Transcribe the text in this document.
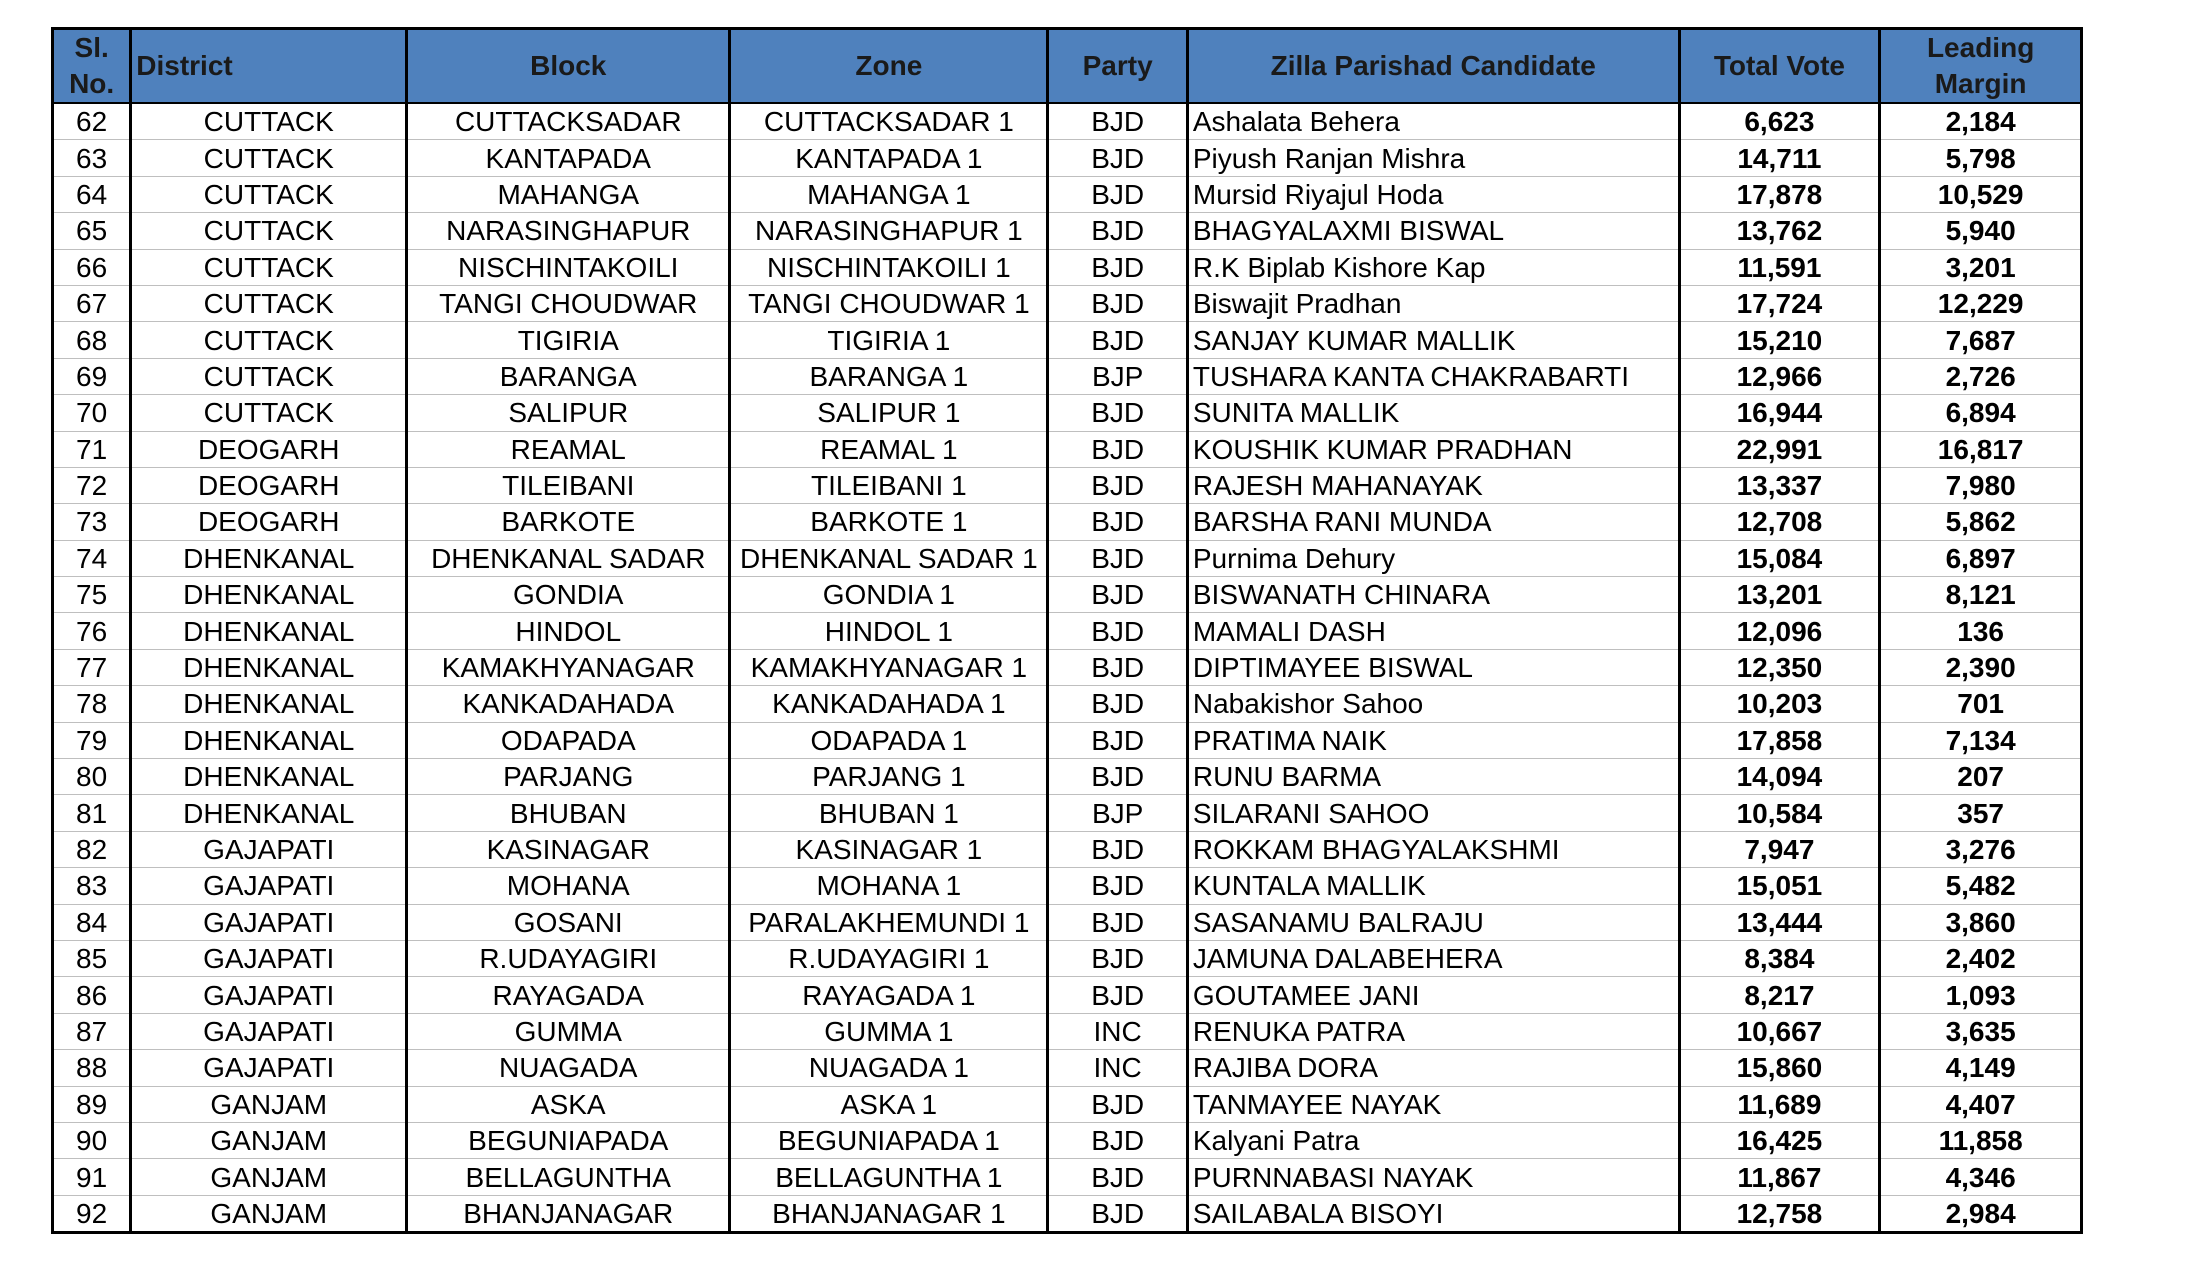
Sl. No.	District	Block	Zone	Party	Zilla Parishad Candidate	Total Vote	Leading Margin
62	CUTTACK	CUTTACKSADAR	CUTTACKSADAR 1	BJD	Ashalata Behera	6,623	2,184
63	CUTTACK	KANTAPADA	KANTAPADA 1	BJD	Piyush Ranjan Mishra	14,711	5,798
64	CUTTACK	MAHANGA	MAHANGA 1	BJD	Mursid Riyajul Hoda	17,878	10,529
65	CUTTACK	NARASINGHAPUR	NARASINGHAPUR 1	BJD	BHAGYALAXMI BISWAL	13,762	5,940
66	CUTTACK	NISCHINTAKOILI	NISCHINTAKOILI 1	BJD	R.K Biplab Kishore Kap	11,591	3,201
67	CUTTACK	TANGI CHOUDWAR	TANGI CHOUDWAR 1	BJD	Biswajit Pradhan	17,724	12,229
68	CUTTACK	TIGIRIA	TIGIRIA 1	BJD	SANJAY KUMAR MALLIK	15,210	7,687
69	CUTTACK	BARANGA	BARANGA 1	BJP	TUSHARA KANTA CHAKRABARTI	12,966	2,726
70	CUTTACK	SALIPUR	SALIPUR 1	BJD	SUNITA MALLIK	16,944	6,894
71	DEOGARH	REAMAL	REAMAL 1	BJD	KOUSHIK KUMAR PRADHAN	22,991	16,817
72	DEOGARH	TILEIBANI	TILEIBANI 1	BJD	RAJESH MAHANAYAK	13,337	7,980
73	DEOGARH	BARKOTE	BARKOTE 1	BJD	BARSHA RANI MUNDA	12,708	5,862
74	DHENKANAL	DHENKANAL SADAR	DHENKANAL SADAR 1	BJD	Purnima Dehury	15,084	6,897
75	DHENKANAL	GONDIA	GONDIA 1	BJD	BISWANATH CHINARA	13,201	8,121
76	DHENKANAL	HINDOL	HINDOL 1	BJD	MAMALI DASH	12,096	136
77	DHENKANAL	KAMAKHYANAGAR	KAMAKHYANAGAR 1	BJD	DIPTIMAYEE BISWAL	12,350	2,390
78	DHENKANAL	KANKADAHADA	KANKADAHADA 1	BJD	Nabakishor Sahoo	10,203	701
79	DHENKANAL	ODAPADA	ODAPADA 1	BJD	PRATIMA NAIK	17,858	7,134
80	DHENKANAL	PARJANG	PARJANG 1	BJD	RUNU BARMA	14,094	207
81	DHENKANAL	BHUBAN	BHUBAN 1	BJP	SILARANI SAHOO	10,584	357
82	GAJAPATI	KASINAGAR	KASINAGAR 1	BJD	ROKKAM BHAGYALAKSHMI	7,947	3,276
83	GAJAPATI	MOHANA	MOHANA 1	BJD	KUNTALA MALLIK	15,051	5,482
84	GAJAPATI	GOSANI	PARALAKHEMUNDI 1	BJD	SASANAMU BALRAJU	13,444	3,860
85	GAJAPATI	R.UDAYAGIRI	R.UDAYAGIRI 1	BJD	JAMUNA DALABEHERA	8,384	2,402
86	GAJAPATI	RAYAGADA	RAYAGADA 1	BJD	GOUTAMEE JANI	8,217	1,093
87	GAJAPATI	GUMMA	GUMMA 1	INC	RENUKA PATRA	10,667	3,635
88	GAJAPATI	NUAGADA	NUAGADA 1	INC	RAJIBA DORA	15,860	4,149
89	GANJAM	ASKA	ASKA 1	BJD	TANMAYEE NAYAK	11,689	4,407
90	GANJAM	BEGUNIAPADA	BEGUNIAPADA 1	BJD	Kalyani Patra	16,425	11,858
91	GANJAM	BELLAGUNTHA	BELLAGUNTHA 1	BJD	PURNNABASI NAYAK	11,867	4,346
92	GANJAM	BHANJANAGAR	BHANJANAGAR 1	BJD	SAILABALA BISOYI	12,758	2,984
